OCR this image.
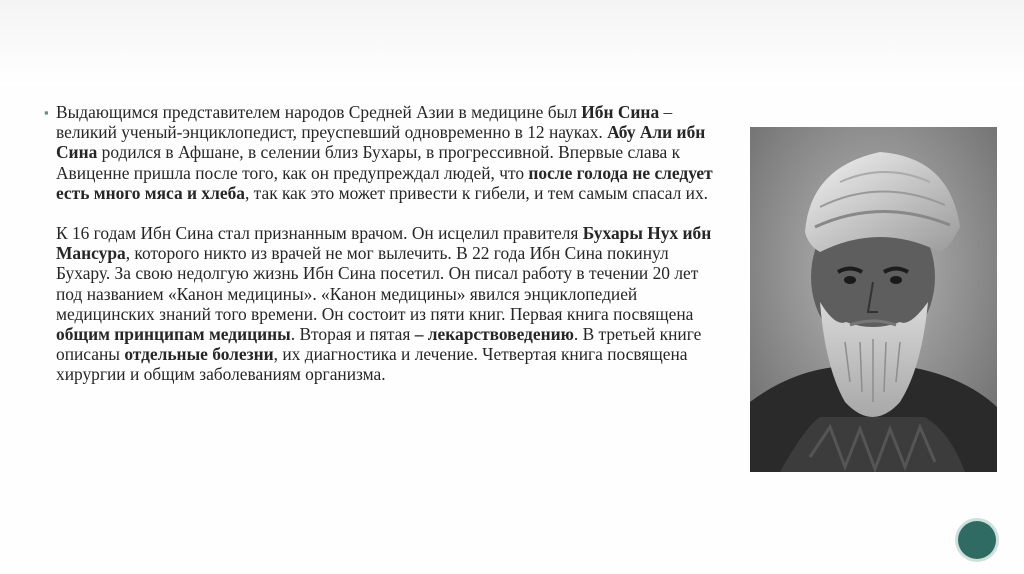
▪ Выдающимся представителем народов Средней Азии в медицине был Ибн Сина – великий ученый-энциклопедист, преуспевший одновременно в 12 науках. Абу Али ибн Сина родился в Афшане, в селении близ Бухары, в прогрессивной. Впервые слава к Авиценне пришла после того, как он предупреждал людей, что после голода не следует есть много мяса и хлеба, так как это может привести к гибели, и тем самым спасал их.

К 16 годам Ибн Сина стал признанным врачом. Он исцелил правителя Бухары Нух ибн Мансура, которого никто из врачей не мог вылечить. В 22 года Ибн Сина покинул Бухару. За свою недолгую жизнь Ибн Сина посетил. Он писал работу в течении 20 лет под названием «Канон медицины». «Канон медицины» явился энциклопедией медицинских знаний того времени. Он состоит из пяти книг. Первая книга посвящена общим принципам медицины. Вторая и пятая – лекарствоведению. В третьей книге описаны отдельные болезни, их диагностика и лечение. Четвертая книга посвящена хирургии и общим заболеваниям организма.
